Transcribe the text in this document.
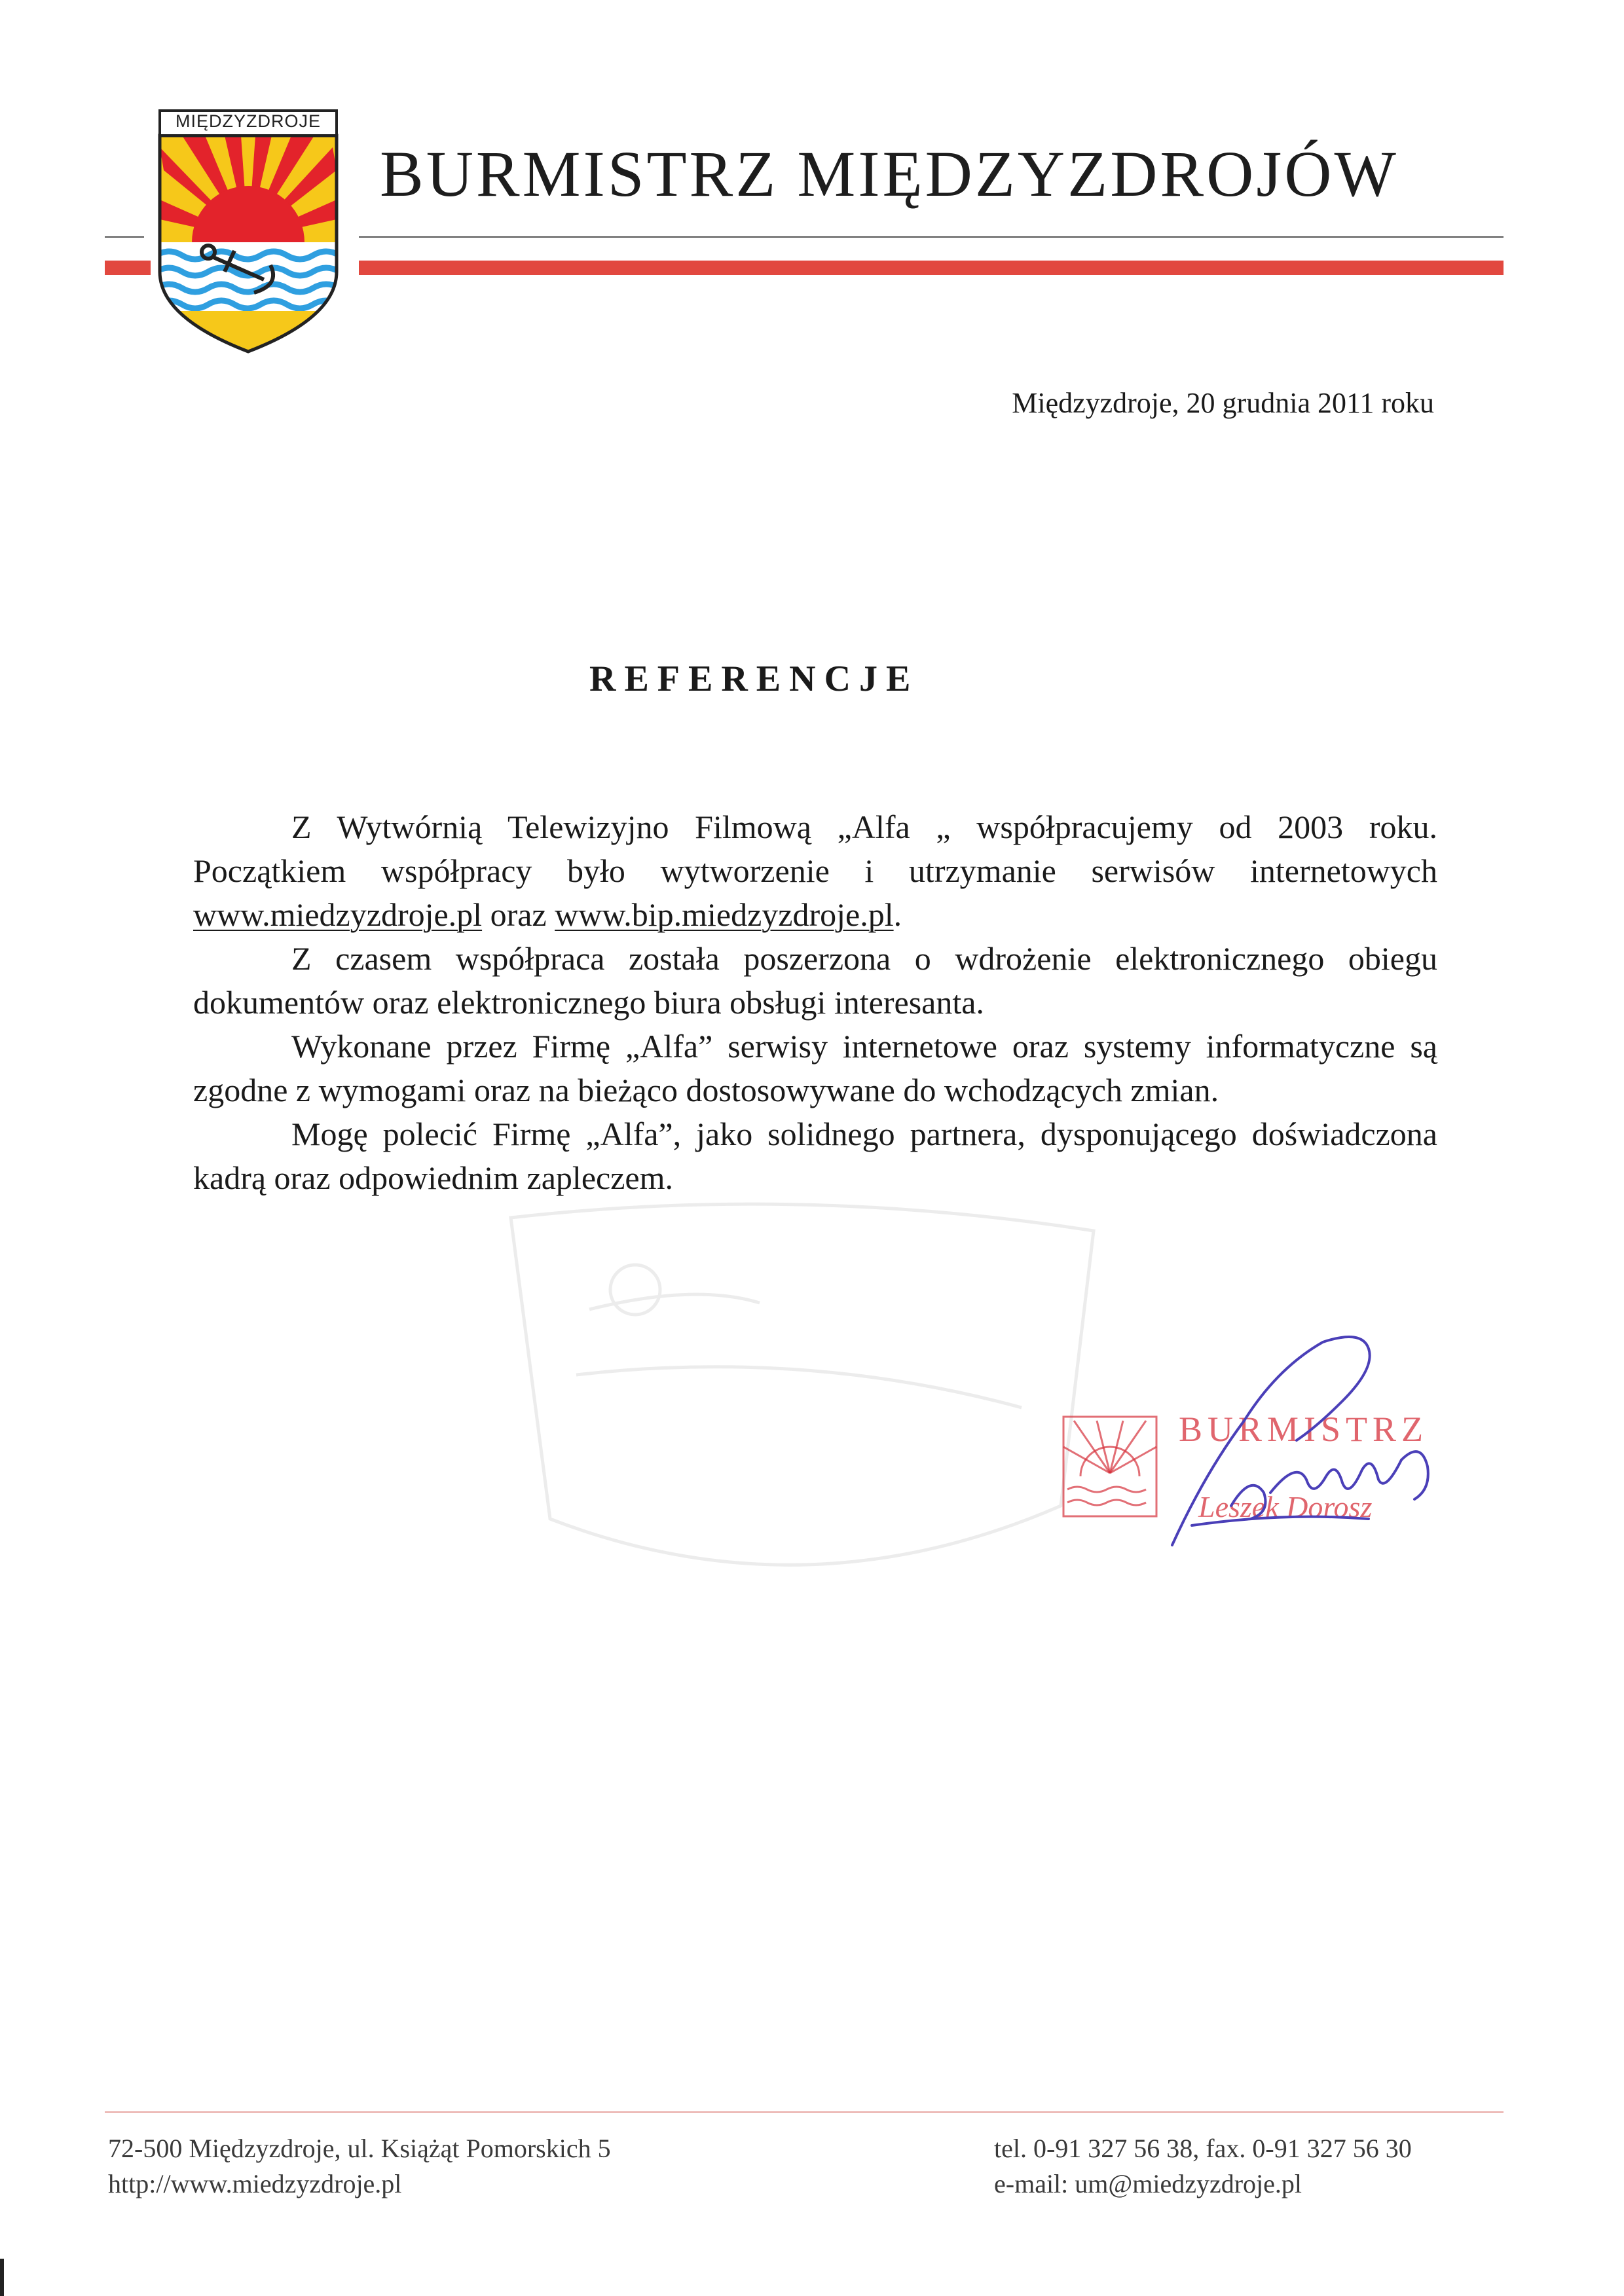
MIĘDZYZDROJE
BURMISTRZ MIĘDZYZDROJÓW
Międzyzdroje, 20 grudnia 2011 roku
REFERENCJE

Z Wytwórnią Telewizyjno Filmową „Alfa „ współpracujemy od 2003 roku. Początkiem współpracy było wytworzenie i utrzymanie serwisów internetowych www.miedzyzdroje.pl oraz www.bip.miedzyzdroje.pl.

Z czasem współpraca została poszerzona o wdrożenie elektronicznego obiegu dokumentów oraz elektronicznego biura obsługi interesanta.

Wykonane przez Firmę „Alfa” serwisy internetowe oraz systemy informatyczne są zgodne z wymogami oraz na bieżąco dostosowywane do wchodzących zmian.

Mogę polecić Firmę „Alfa”, jako solidnego partnera, dysponującego doświadczona kadrą oraz odpowiednim zapleczem.

BURMISTRZ
Leszek Dorosz
72-500 Międzyzdroje, ul. Książąt Pomorskich 5
http://www.miedzyzdroje.pl
tel. 0-91 327 56 38, fax. 0-91 327 56 30
e-mail: um@miedzyzdroje.pl
